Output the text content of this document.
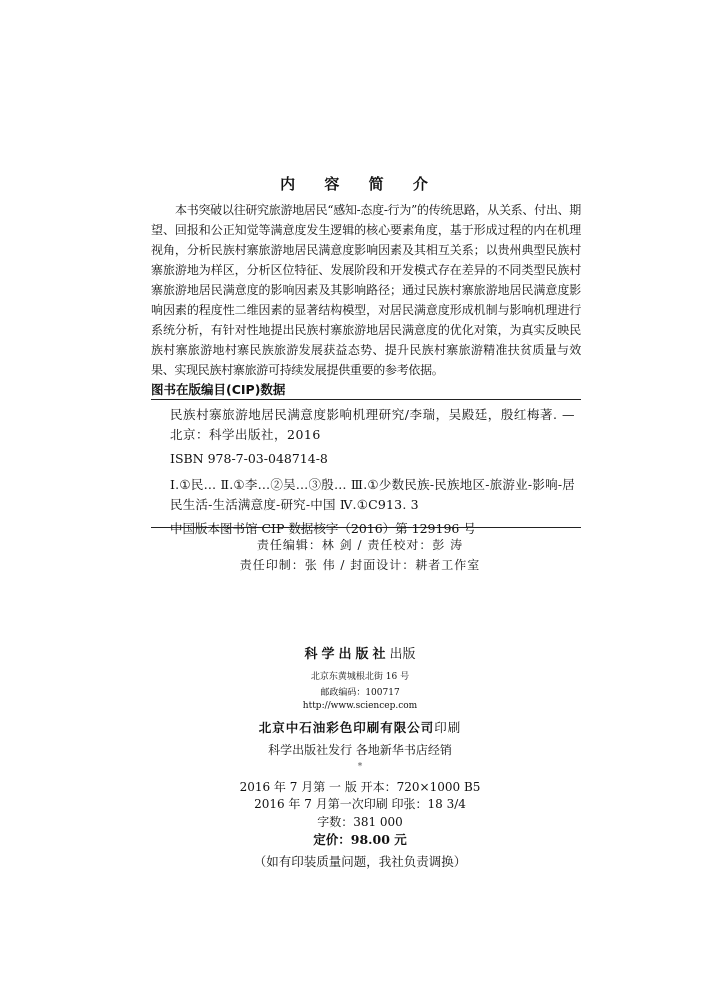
内 容 简 介
本书突破以往研究旅游地居民“感知-态度-行为”的传统思路，从关系、付出、期望、回报和公正知觉等满意度发生逻辑的核心要素角度，基于形成过程的内在机理视角，分析民族村寨旅游地居民满意度影响因素及其相互关系；以贵州典型民族村寨旅游地为样区，分析区位特征、发展阶段和开发模式存在差异的不同类型民族村寨旅游地居民满意度的影响因素及其影响路径；通过民族村寨旅游地居民满意度影响因素的程度性二维因素的显著结构模型，对居民满意度形成机制与影响机理进行系统分析，有针对性地提出民族村寨旅游地居民满意度的优化对策，为真实反映民族村寨旅游地村寨民族旅游发展获益态势、提升民族村寨旅游精准扶贫质量与效果、实现民族村寨旅游可持续发展提供重要的参考依据。
图书在版编目(CIP)数据
民族村寨旅游地居民满意度影响机理研究/李瑞，吴殿廷，殷红梅著. —北京：科学出版社，2016
ISBN 978-7-03-048714-8
Ⅰ.①民… Ⅱ.①李…②吴…③殷… Ⅲ.①少数民族-民族地区-旅游业-影响-居民生活-生活满意度-研究-中国 Ⅳ.①C913. 3
中国版本图书馆 CIP 数据核字（2016）第 129196 号
责任编辑：林 剑 / 责任校对：彭 涛
责任印制：张 伟 / 封面设计：耕者工作室
科学出版社出版
北京东黄城根北街 16 号
邮政编码：100717
http://www.sciencep.com
北京中石油彩色印刷有限公司印刷
科学出版社发行 各地新华书店经销
*
2016 年 7 月第 一 版 开本：720×1000 B5
2016 年 7 月第一次印刷 印张：18 3/4
字数：381 000
定价：98.00 元
（如有印装质量问题，我社负责调换）
